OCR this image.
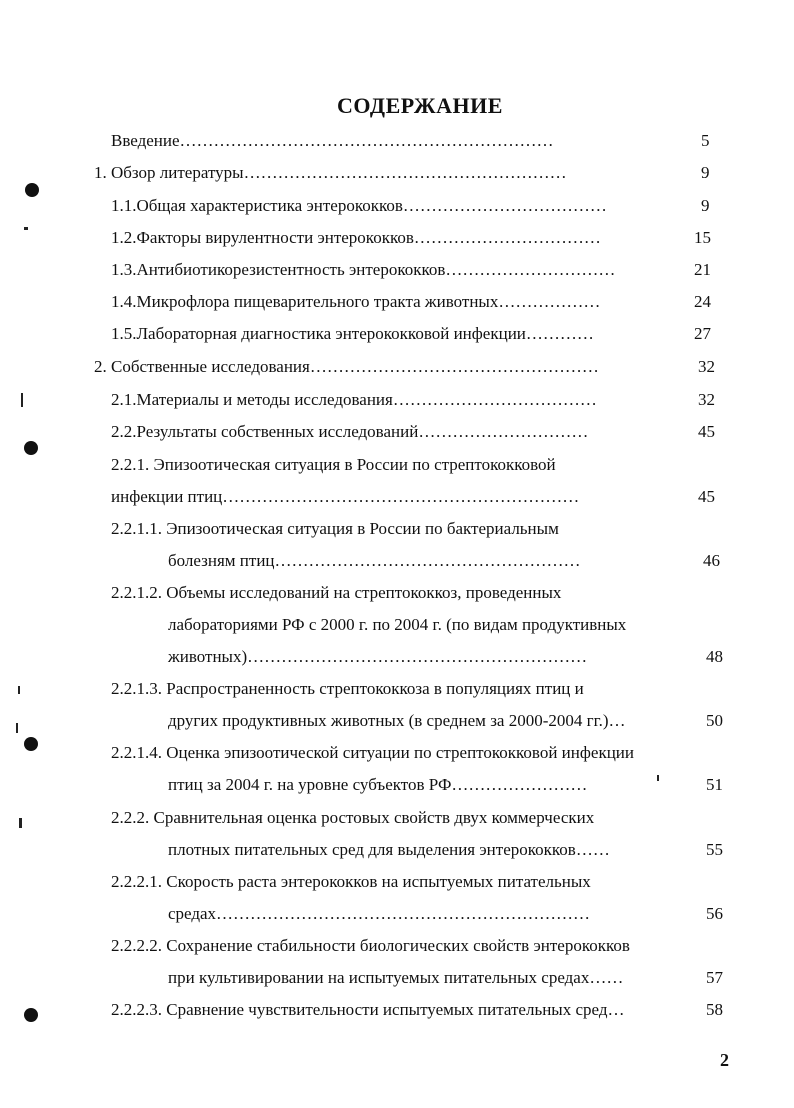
СОДЕРЖАНИЕ
Введение…………………………………………………………	5
1. Обзор литературы…………………………………………………	9
1.1.Общая характеристика энтерококков………………………………	9
1.2.Факторы вирулентности энтерококков……………………………	15
1.3.Антибиотикорезистентность энтерококков…………………………	21
1.4.Микрофлора пищеварительного тракта животных………………	24
1.5.Лабораторная диагностика энтерококковой инфекции…………	27
2. Собственные исследования……………………………………………	32
2.1.Материалы и методы исследования………………………………	32
2.2.Результаты собственных исследований…………………………	45
2.2.1. Эпизоотическая ситуация в России по стрептококковой
инфекции птиц………………………………………………………	45
2.2.1.1. Эпизоотическая ситуация в России по бактериальным
болезням птиц………………………………………………	46
2.2.1.2. Объемы исследований на стрептококкоз, проведенных
лабораториями РФ с 2000 г. по 2004 г. (по видам продуктивных
животных)……………………………………………………	48
2.2.1.3. Распространенность стрептококкоза в популяциях птиц и
других продуктивных животных (в среднем за 2000-2004 гг.)…	50
2.2.1.4. Оценка эпизоотической ситуации по стрептококковой инфекции
птиц за 2004 г. на уровне субъектов РФ……………………	51
2.2.2. Сравнительная оценка ростовых свойств двух коммерческих
плотных питательных сред для выделения энтерококков……	55
2.2.2.1. Скорость раста энтерококков на испытуемых питательных
средах…………………………………………………………	56
2.2.2.2. Сохранение стабильности биологических свойств энтерококков
при культивировании на испытуемых питательных средах……	57
2.2.2.3. Сравнение чувствительности испытуемых питательных сред…	58
2
